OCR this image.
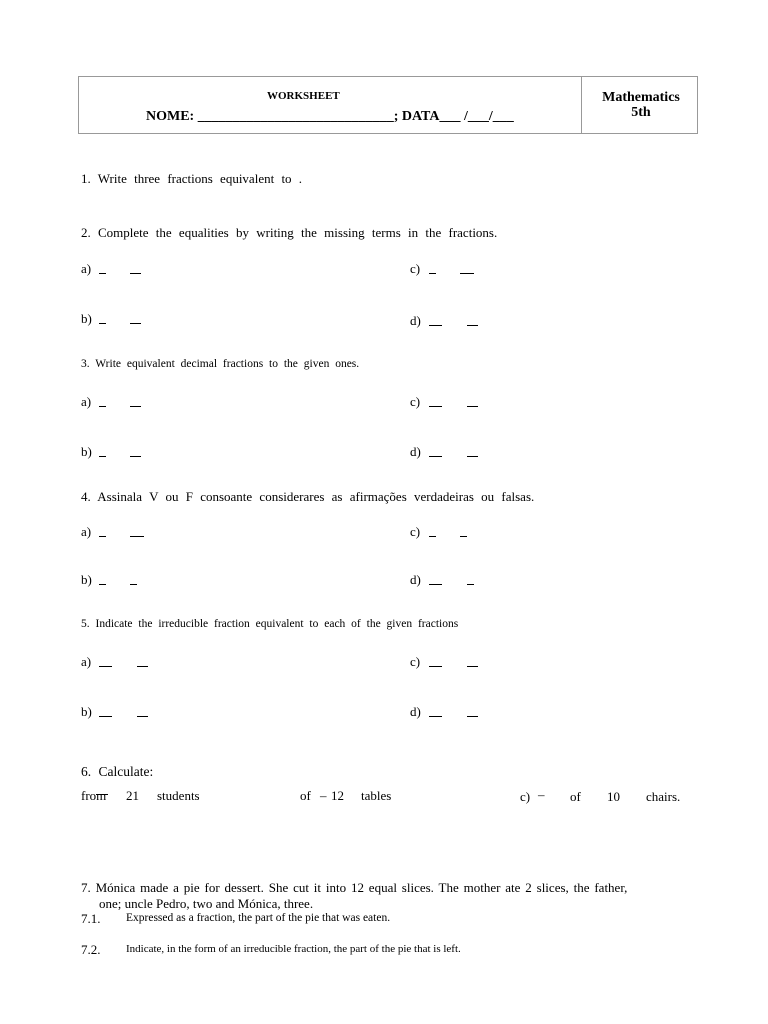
WORKSHEET
NOME: ____________________________; DATA___ /___/___
Mathematics
5th
1. Write three fractions equivalent to .
2. Complete the equalities by writing the missing terms in the fractions.
a)	c)
b)	d)
3. Write equivalent decimal fractions to the given ones.
a)	c)
b)	d)
4. Assinala V ou F consoante considerares as afirmações verdadeiras ou falsas.
a)	c)
b)	d)
5. Indicate the irreducible fraction equivalent to each of the given fractions
a)	c)
b)	d)
6. Calculate:
from 21 students	of – 12 tables	c) – of 10 chairs.
7. Mónica made a pie for dessert. She cut it into 12 equal slices. The mother ate 2 slices, the father,
one; uncle Pedro, two and Mónica, three.
7.1. Expressed as a fraction, the part of the pie that was eaten.
7.2. Indicate, in the form of an irreducible fraction, the part of the pie that is left.
